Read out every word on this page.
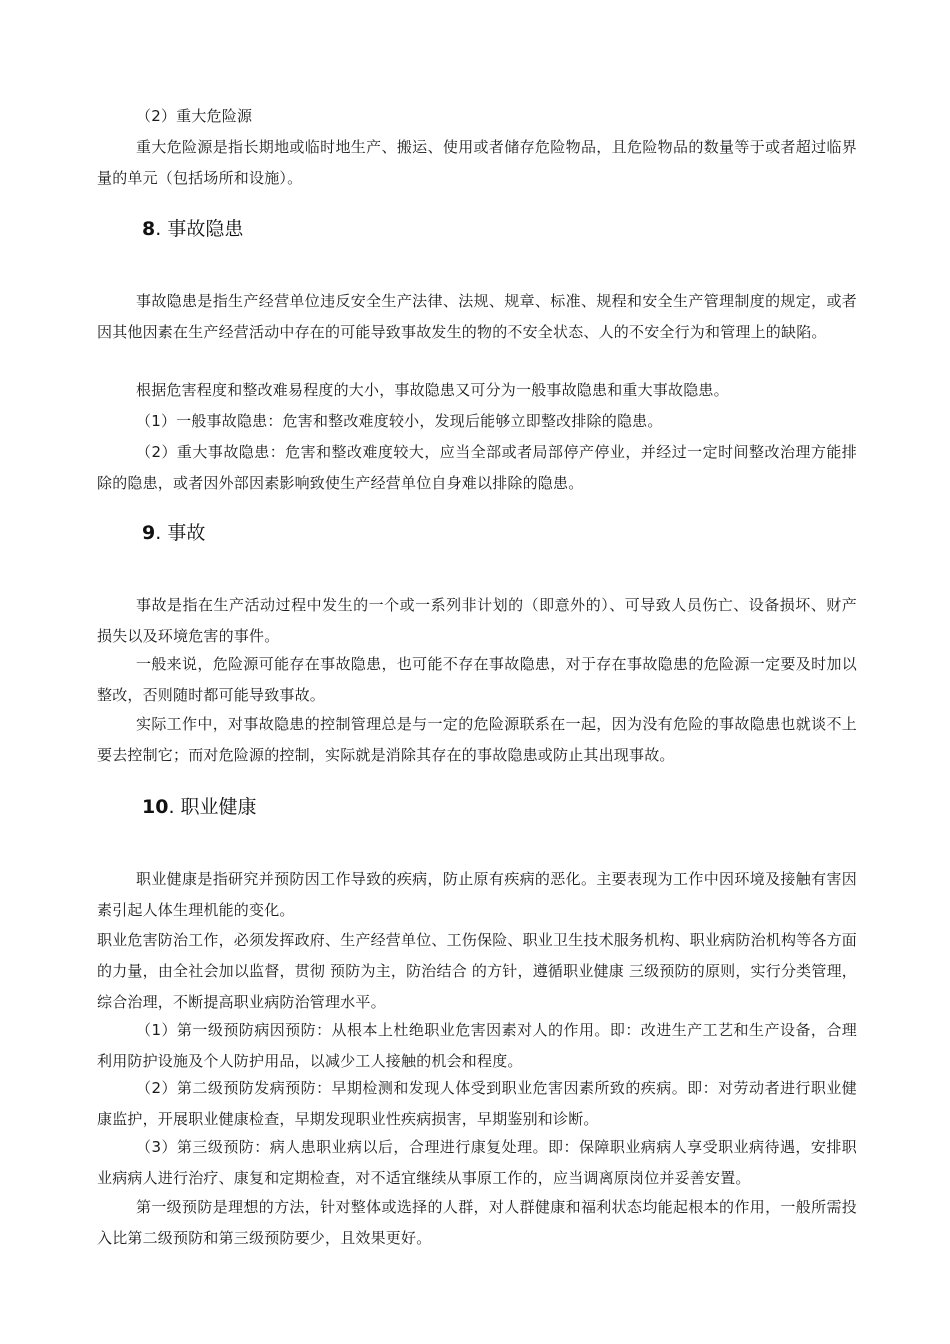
（2）重大危险源

重大危险源是指长期地或临时地生产、搬运、使用或者储存危险物品，且危险物品的数量等于或者超过临界量的单元（包括场所和设施）。

8. 事故隐患

事故隐患是指生产经营单位违反安全生产法律、法规、规章、标准、规程和安全生产管理制度的规定，或者因其他因素在生产经营活动中存在的可能导致事故发生的物的不安全状态、人的不安全行为和管理上的缺陷。

根据危害程度和整改难易程度的大小，事故隐患又可分为一般事故隐患和重大事故隐患。

（1）一般事故隐患：危害和整改难度较小，发现后能够立即整改排除的隐患。

（2）重大事故隐患：危害和整改难度较大，应当全部或者局部停产停业，并经过一定时间整改治理方能排除的隐患，或者因外部因素影响致使生产经营单位自身难以排除的隐患。

9. 事故

事故是指在生产活动过程中发生的一个或一系列非计划的（即意外的）、可导致人员伤亡、设备损坏、财产损失以及环境危害的事件。

一般来说，危险源可能存在事故隐患，也可能不存在事故隐患，对于存在事故隐患的危险源一定要及时加以整改，否则随时都可能导致事故。

实际工作中，对事故隐患的控制管理总是与一定的危险源联系在一起，因为没有危险的事故隐患也就谈不上要去控制它；而对危险源的控制，实际就是消除其存在的事故隐患或防止其出现事故。

10. 职业健康

职业健康是指研究并预防因工作导致的疾病，防止原有疾病的恶化。主要表现为工作中因环境及接触有害因素引起人体生理机能的变化。

职业危害防治工作，必须发挥政府、生产经营单位、工伤保险、职业卫生技术服务机构、职业病防治机构等各方面的力量，由全社会加以监督，贯彻 预防为主，防治结合 的方针，遵循职业健康 三级预防的原则，实行分类管理，综合治理，不断提高职业病防治管理水平。

（1）第一级预防病因预防：从根本上杜绝职业危害因素对人的作用。即：改进生产工艺和生产设备，合理利用防护设施及个人防护用品，以减少工人接触的机会和程度。

（2）第二级预防发病预防：早期检测和发现人体受到职业危害因素所致的疾病。即：对劳动者进行职业健康监护，开展职业健康检查，早期发现职业性疾病损害，早期鉴别和诊断。

（3）第三级预防：病人患职业病以后，合理进行康复处理。即：保障职业病病人享受职业病待遇，安排职业病病人进行治疗、康复和定期检查，对不适宜继续从事原工作的，应当调离原岗位并妥善安置。

第一级预防是理想的方法，针对整体或选择的人群，对人群健康和福利状态均能起根本的作用，一般所需投入比第二级预防和第三级预防要少，且效果更好。
